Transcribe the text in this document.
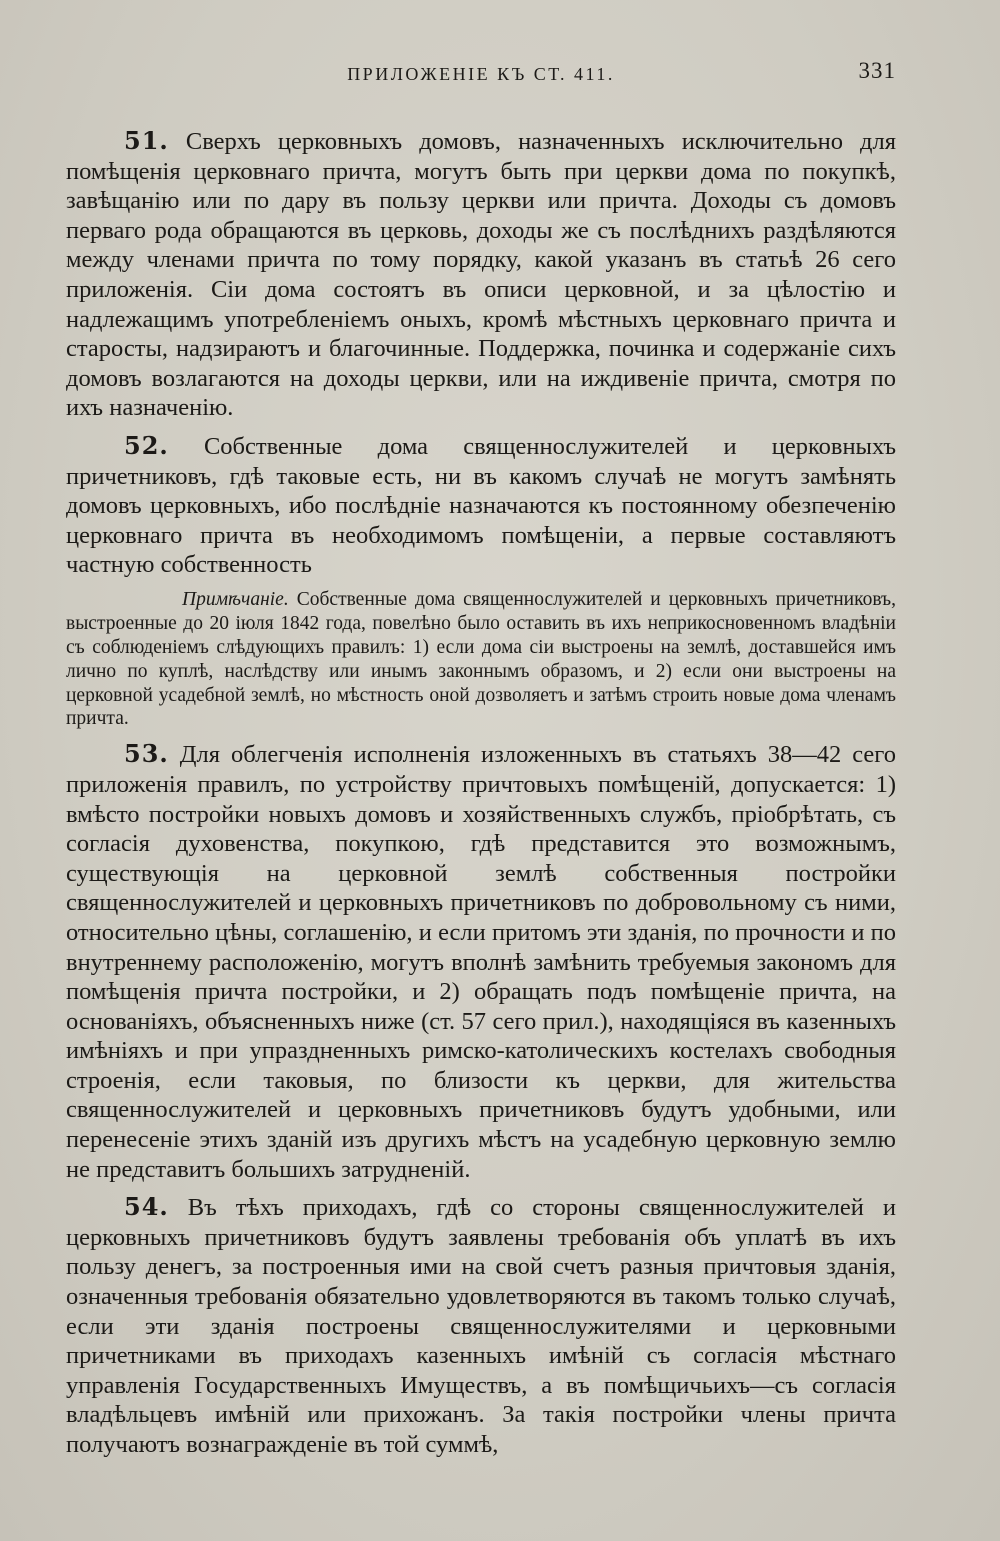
ПРИЛОЖЕНІЕ КЪ СТ. 411.	331

51. Сверхъ церковныхъ домовъ, назначенныхъ исключительно для помѣщенія церковнаго причта, могутъ быть при церкви дома по покупкѣ, завѣщанію или по дару въ пользу церкви или причта. Доходы съ домовъ перваго рода обращаются въ церковь, доходы же съ послѣднихъ раздѣляются между членами причта по тому порядку, какой указанъ въ статьѣ 26 сего приложенія. Сіи дома состоятъ въ описи церковной, и за цѣлостію и надлежащимъ употребленіемъ оныхъ, кромѣ мѣстныхъ церковнаго причта и старосты, надзираютъ и благочинные. Поддержка, починка и содержаніе сихъ домовъ возлагаются на доходы церкви, или на иждивеніе причта, смотря по ихъ назначенію.

52. Собственные дома священнослужителей и церковныхъ причетниковъ, гдѣ таковые есть, ни въ какомъ случаѣ не могутъ замѣнять домовъ церковныхъ, ибо послѣдніе назначаются къ постоянному обезпеченію церковнаго причта въ необходимомъ помѣщеніи, а первые составляютъ частную собственность

Примѣчаніе. Собственные дома священнослужителей и церковныхъ причетниковъ, выстроенные до 20 іюля 1842 года, повелѣно было оставить въ ихъ неприкосновенномъ владѣніи съ соблюденіемъ слѣдующихъ правилъ: 1) если дома сіи выстроены на землѣ, доставшейся имъ лично по куплѣ, наслѣдству или инымъ законнымъ образомъ, и 2) если они выстроены на церковной усадебной землѣ, но мѣстность оной дозволяетъ и затѣмъ строить новые дома членамъ причта.

53. Для облегченія исполненія изложенныхъ въ статьяхъ 38—42 сего приложенія правилъ, по устройству причтовыхъ помѣщеній, допускается: 1) вмѣсто постройки новыхъ домовъ и хозяйственныхъ службъ, пріобрѣтать, съ согласія духовенства, покупкою, гдѣ представится это возможнымъ, существующія на церковной землѣ собственныя постройки священнослужителей и церковныхъ причетниковъ по добровольному съ ними, относительно цѣны, соглашенію, и если притомъ эти зданія, по прочности и по внутреннему расположенію, могутъ вполнѣ замѣнить требуемыя закономъ для помѣщенія причта постройки, и 2) обращать подъ помѣщеніе причта, на основаніяхъ, объясненныхъ ниже (ст. 57 сего прил.), находящіяся въ казенныхъ имѣніяхъ и при упраздненныхъ римско-католическихъ костелахъ свободныя строенія, если таковыя, по близости къ церкви, для жительства священнослужителей и церковныхъ причетниковъ будутъ удобными, или перенесеніе этихъ зданій изъ другихъ мѣстъ на усадебную церковную землю не представитъ большихъ затрудненій.

54. Въ тѣхъ приходахъ, гдѣ со стороны священнослужителей и церковныхъ причетниковъ будутъ заявлены требованія объ уплатѣ въ ихъ пользу денегъ, за построенныя ими на свой счетъ разныя причтовыя зданія, означенныя требованія обязательно удовлетворяются въ такомъ только случаѣ, если эти зданія построены священнослужителями и церковными причетниками въ приходахъ казенныхъ имѣній съ согласія мѣстнаго управленія Государственныхъ Имуществъ, а въ помѣщичьихъ—съ согласія владѣльцевъ имѣній или прихожанъ. За такія постройки члены причта получаютъ вознагражденіе въ той суммѣ,
